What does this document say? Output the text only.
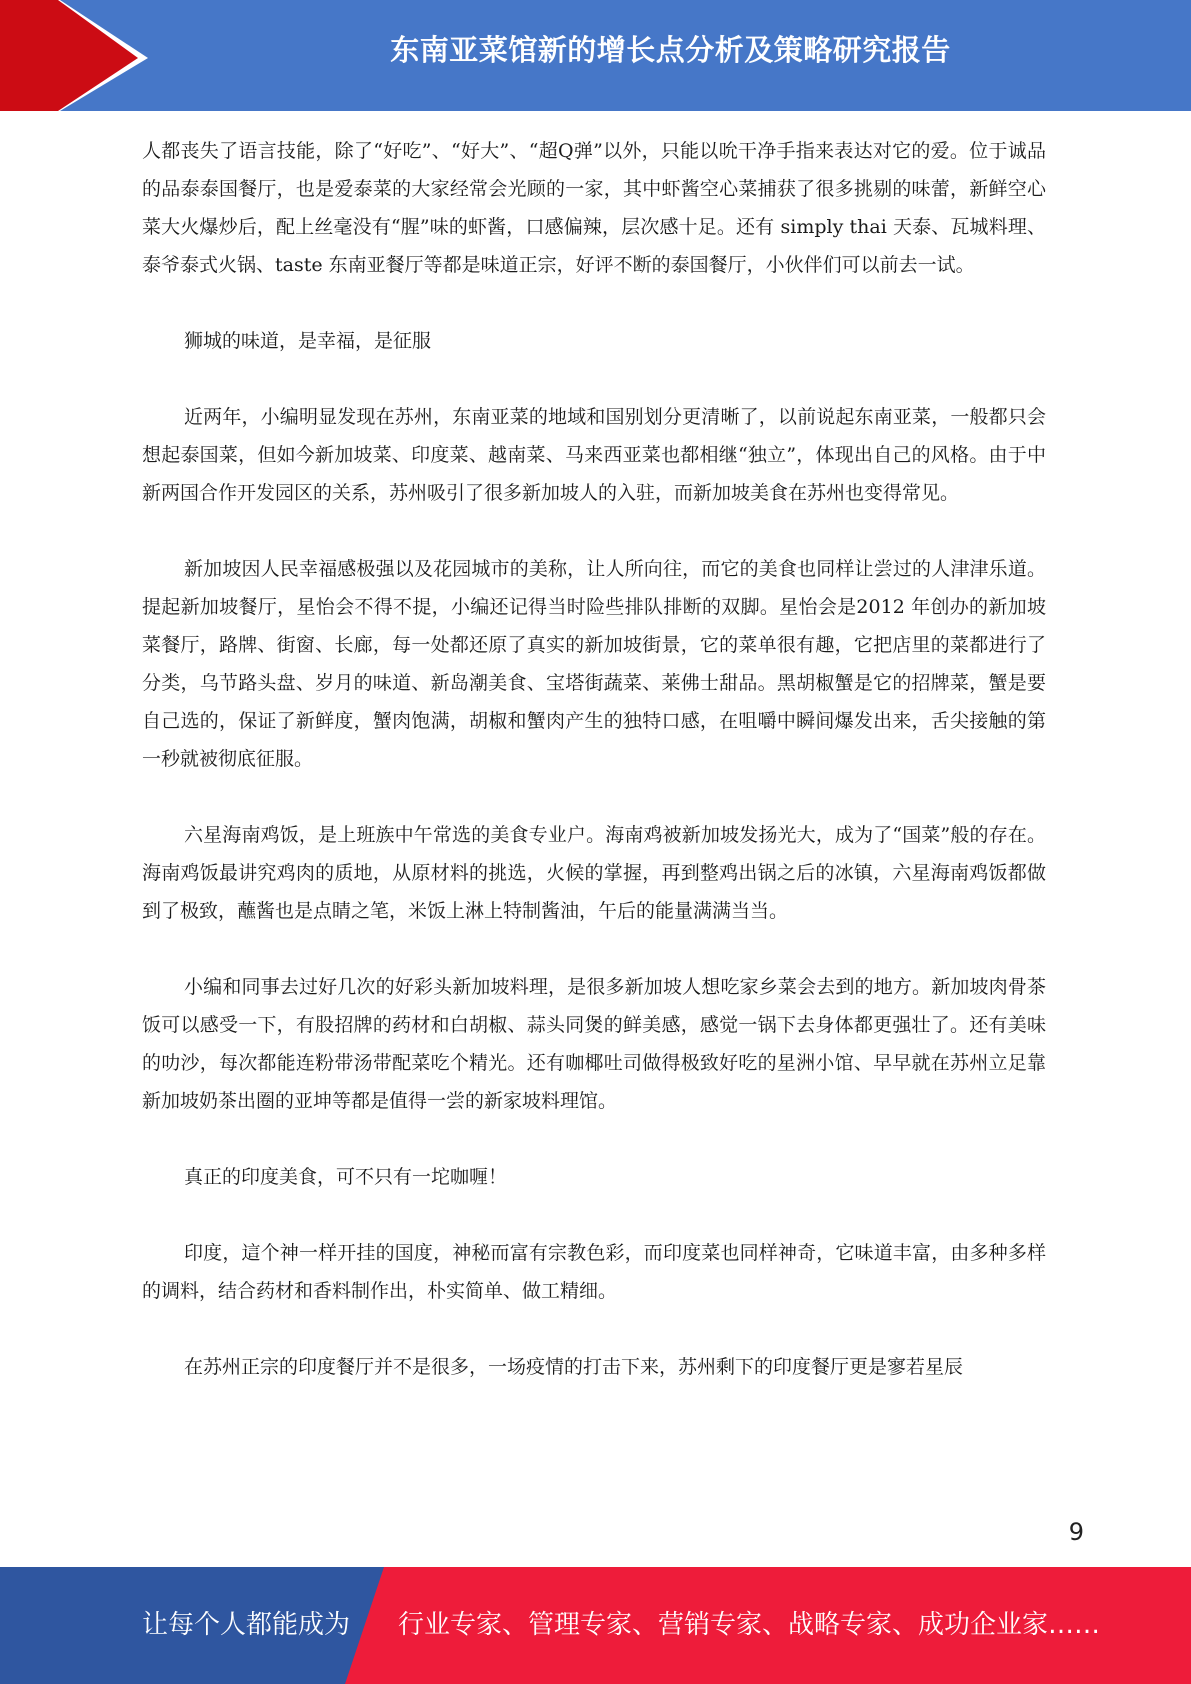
东南亚菜馆新的增长点分析及策略研究报告

人都丧失了语言技能，除了“好吃”、“好大”、“超Q弹”以外，只能以吮干净手指来表达对它的爱。位于诚品的品泰泰国餐厅，也是爱泰菜的大家经常会光顾的一家，其中虾酱空心菜捕获了很多挑剔的味蕾，新鲜空心菜大火爆炒后，配上丝毫没有“腥”味的虾酱，口感偏辣，层次感十足。还有 simply thai 天泰、瓦城料理、泰爷泰式火锅、taste 东南亚餐厅等都是味道正宗，好评不断的泰国餐厅，小伙伴们可以前去一试。

狮城的味道，是幸福，是征服

近两年，小编明显发现在苏州，东南亚菜的地域和国别划分更清晰了，以前说起东南亚菜，一般都只会想起泰国菜，但如今新加坡菜、印度菜、越南菜、马来西亚菜也都相继“独立”，体现出自己的风格。由于中新两国合作开发园区的关系，苏州吸引了很多新加坡人的入驻，而新加坡美食在苏州也变得常见。

新加坡因人民幸福感极强以及花园城市的美称，让人所向往，而它的美食也同样让尝过的人津津乐道。提起新加坡餐厅，星怡会不得不提，小编还记得当时险些排队排断的双脚。星怡会是2012 年创办的新加坡菜餐厅，路牌、街窗、长廊，每一处都还原了真实的新加坡街景，它的菜单很有趣，它把店里的菜都进行了分类，乌节路头盘、岁月的味道、新岛潮美食、宝塔街蔬菜、莱佛士甜品。黑胡椒蟹是它的招牌菜，蟹是要自己选的，保证了新鲜度，蟹肉饱满，胡椒和蟹肉产生的独特口感，在咀嚼中瞬间爆发出来，舌尖接触的第一秒就被彻底征服。

六星海南鸡饭，是上班族中午常选的美食专业户。海南鸡被新加坡发扬光大，成为了“国菜”般的存在。海南鸡饭最讲究鸡肉的质地，从原材料的挑选，火候的掌握，再到整鸡出锅之后的冰镇，六星海南鸡饭都做到了极致，蘸酱也是点睛之笔，米饭上淋上特制酱油，午后的能量满满当当。

小编和同事去过好几次的好彩头新加坡料理，是很多新加坡人想吃家乡菜会去到的地方。新加坡肉骨茶饭可以感受一下，有股招牌的药材和白胡椒、蒜头同煲的鲜美感，感觉一锅下去身体都更强壮了。还有美味的叻沙，每次都能连粉带汤带配菜吃个精光。还有咖椰吐司做得极致好吃的星洲小馆、早早就在苏州立足靠新加坡奶茶出圈的亚坤等都是值得一尝的新家坡料理馆。

真正的印度美食，可不只有一坨咖喱！

印度，這个神一样开挂的国度，神秘而富有宗教色彩，而印度菜也同样神奇，它味道丰富，由多种多样的调料，结合药材和香料制作出，朴实简单、做工精细。

在苏州正宗的印度餐厅并不是很多，一场疫情的打击下来，苏州剩下的印度餐厅更是寥若星辰

9
让每个人都能成为 行业专家、管理专家、营销专家、战略专家、成功企业家……
